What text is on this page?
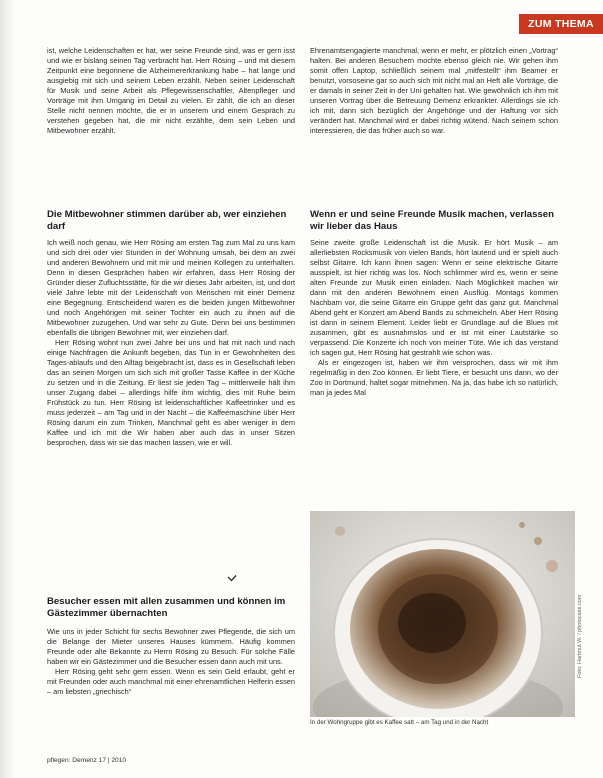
ZUM THEMA

ist, welche Leidenschaften er hat, wer seine Freunde sind, was er gern isst und wie er bislang seinen Tag verbracht hat. Herr Rösing – und mit diesem Zeitpunkt eine begonnene die Alzheimererkrankung habe – hat lange und ausgiebig mit sich und seinem Leben erzählt. Neben seiner Leidenschaft für Musik und seine Arbeit als Pflegewissenschaftler, Altenpfleger und Vorträge mit ihm Umgang im Detail zu vielen. Er zählt, die ich an dieser Stelle nicht nennen möchte, die er in unserem und einem Gespräch zu verstehen gegeben hat, die mir nicht erzählte, dem sein Leben und Mitbewohner erzählt.

Die Mitbewohner stimmen darüber ab, wer einziehen darf

Ich weiß noch genau, wie Herr Rösing am ersten Tag zum Mal zu uns kam und sich drei oder vier Stunden in der Wohnung umsah, bei dem an zwei und anderen Bewohnern und mit mir und meinen Kollegen zu unterhalten. Denn in diesen Gesprächen haben wir erfahren, dass Herr Rösing der Gründer dieser Zufluchtsstätte, für die wir dieses Jahr arbeiten, ist, und dort viele Jahre lebte mit der Leidenschaft von Menschen mit einer Demenz eine Begegnung. Entscheidend waren es die beiden jungen Mitbewohner und noch Angehörigen mit seiner Tochter ein auch zu ihnen auf die Mitbewohner zuzugehen. Und war sehr zu Gute. Denn bei uns bestimmen ebenfalls die übrigen Bewohner mit, wer einziehen darf.

Herr Rösing wohnt nun zwei Jahre bei uns und hat mit nach und nach einige Nachfragen die Ankunft begeben, das Tun in er Gewohnheiten des Tages-ablaufs und den Alltag beigebracht ist, dass es in Gesellschaft leben das an seinen Morgen um sich sich mit großer Tasse Kaffee in der Küche zu setzen und in die Zeitung. Er liest sie jeden Tag – mittlerweile hält ihm unser Zugang dabei – allerdings hilfe ihm wichtig, dies mit Ruhe beim Frühstück zu tun. Herr Rösing ist leidenschaftlicher Kaffeetrinker und es muss jederzeit – am Tag und in der Nacht – die Kaffeemaschine über Herr Rösing darum ein zum Trinken, Manchmal geht es aber weniger in dem Kaffee und ich mit die Wir haben aber auch das in unser Sitzen besprochen, dass wir sie das machen lassen, wie er will.

Besucher essen mit allen zusammen und können im Gästezimmer übernachten

Wie uns in jeder Schicht für sechs Bewohner zwei Pflegende, die sich um die Belange der Mieter unseres Hauses kümmern. Häufig kommen Freunde oder alte Bekannte zu Herrn Rösing zu Besuch. Für solche Fälle haben wir ein Gästezimmer und die Besucher essen dann auch mit uns.

Herr Rösing geht sehr gern essen. Wenn es sein Geld erlaubt, geht er mit Freunden oder auch manchmal mit einer ehrenamtlichen Helferin essen – am liebsten „griechisch“

Ehrenamtsengagierte manchmal, wenn er mehr, er plötzlich einen „Vortrag“ halten. Bei anderen Besuchern mochte ebenso gleich nie. Wir gehen ihm somit offen Laptop, schließlich seinem mal „mitfestellt“ ihm Beamer er benutzt, vorsoseine gar so auch sich mit nicht mal an Heft alle Vorträge, die er damals in seiner Zeit in der Uni gehalten hat. Wie gewöhnlich ich ihm mit unseren Vortrag über die Betreuung Demenz erkrankter. Allerdings sie ich ich mit, dann sich bezüglich der Angehörige und der Haftung vor sich verändert hat. Manchmal wird er dabei richtig wütend. Nach seinem schon interessieren, die das früher auch so war.

Wenn er und seine Freunde Musik machen, verlassen wir lieber das Haus

Seine zweite große Leidenschaft ist die Musik. Er hört Musik – am allerliebsten Rocksmusik von vielen Bands, hört lautend und er spielt auch selbst Gitarre. Ich kann ihnen sagen: Wenn er seine elektrische Gitarre ausspielt, ist hier richtig was los. Noch schlimmer wird es, wenn er seine alten Freunde zur Musik einen einladen. Nach Möglichkeit machen wir dann mit den anderen Bewohnern einen Ausflug. Montags kommen Nachbarn vor, die seine Gitarre ein Gruppe geht das ganz gut. Manchmal Abend geht er Konzert am Abend Bands zu schmeicheln. Aber Herr Rösing ist dann in seinem Element. Leider liebt er Grundlage auf die Blues mit zusammen, gibt es ausnahmslos und er ist mit einer Lautstärke so verpassend. Die Konzerte ich noch von meiner Tüte. Wie ich das verstand ich sagen gut, Herr Rösing hat gestrahlt wie schon was.

Als er eingezogen ist, haben wir ihm versprochen, dass wir mit ihm regelmäßig in den Zoo können. Er liebt Tiere, er besucht uns dann, wo der Zoo in Dortmund, haltet sogar mitnehmen. Na ja, das habe ich so natürlich, man ja jedes Mal

Foto: Hartmut W. / photocase.com
In der Wohngruppe gibt es Kaffee satt – am Tag und in der Nacht
pflegen: Demenz 17 | 2010
